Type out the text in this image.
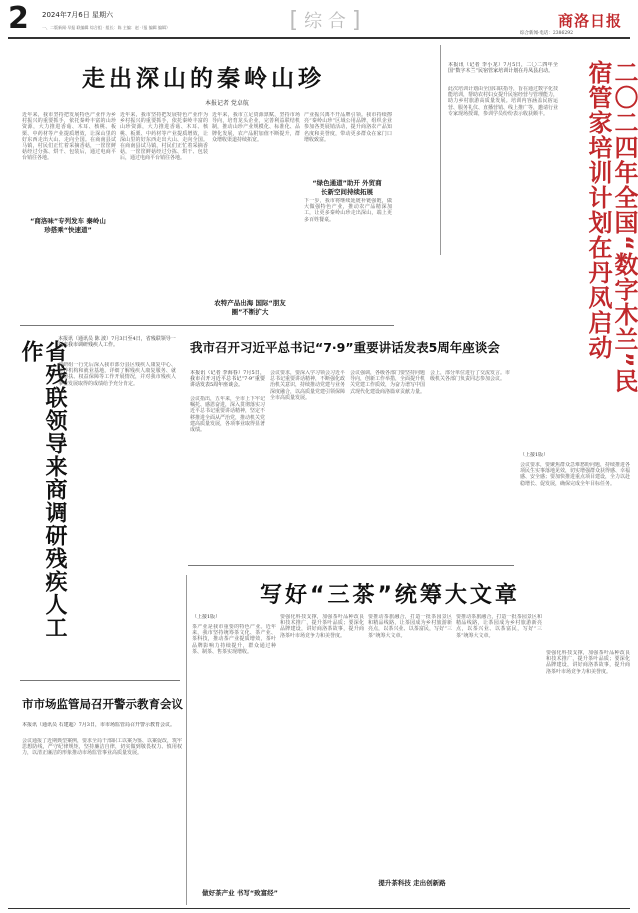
2 2024年7月6日 星期六
一、二版新闻·早报 联编辑 综合组 · 组长：陈 主编：赵 ·（报 编辑 编辑）	[ 综 合 ]	商洛日报
综合新闻·电话：2386292
走出深山的秦岭山珍
本报记者 党卓航
近年来，我市坚持把发展特色产业作为乡村振兴的重要抓手，依托秦岭丰富的山珍资源，大力推进香菇、木耳、核桃、板栗、中药材等产业提质增效，让深山里的好东西走出大山、走向全国。在商南县试马镇，村民们正忙着采摘香菇，一筐筐鲜菇经过分拣、烘干、包装后，通过电商平台销往各地。
近年来，我市立足资源禀赋，坚持市场导向，培育龙头企业，完善利益联结机制，推动山珍产业规模化、标准化、品牌化发展，农产品附加值不断提升，群众增收渠道持续拓宽。
产业振兴离不开品牌引领。我市持续擦亮“秦岭山珍”区域公用品牌，组织企业参加各类展销活动，提升商洛农产品知名度和美誉度，带动更多群众在家门口增收致富。
“绿色通道”助开 外贸商长新空间持续拓展
下一步，我市将继续延链补链强链，做大做强特色产业，推动农产品精深加工，让更多秦岭山珍走出深山，端上更多百姓餐桌。
近年来，我市坚持把发展特色产业作为乡村振兴的重要抓手，依托秦岭丰富的山珍资源，大力推进香菇、木耳、核桃、板栗、中药材等产业提质增效，让深山里的好东西走出大山、走向全国。在商南县试马镇，村民们正忙着采摘香菇，一筐筐鲜菇经过分拣、烘干、包装后，通过电商平台销往各地。
“商洛味”专列发车 秦岭山珍搭乘“快速道”
农特产品出海 国际“朋友圈”不断扩大
本报讯（记者 李小龙）7月5日，二〇二四年全国“数字木兰”民宿管家培训计划在丹凤县启动。
此次培训计划由全国妇联指导，旨在通过数字化技能培训，帮助农村妇女提升民宿经营与管理能力，助力乡村旅游高质量发展。培训内容涵盖民宿运营、服务礼仪、直播营销、线上推广等，邀请行业专家现场授课，参训学员纷纷表示收获颇丰。	二〇二四年全国“数字木兰”民宿管家培训计划在丹凤启动
省残联领导来商调研残疾人工作
本报讯（通讯员 陈 波）7月3日至4日，省残联领导一行来我市调研残疾人工作。
调研组一行先后深入我市部分县区残疾人康复中心、托养机构和就业基地，详细了解残疾人康复服务、就业帮扶、权益保障等工作开展情况，并对我市残疾人事业发展取得的成绩给予充分肯定。
我市召开习近平总书记“7·9”重要讲话发表5周年座谈会
本报讯（记者 李海春）7月5日，我市召开习近平总书记“7·9”重要讲话发表5周年座谈会。
会议指出，五年来，全市上下牢记嘱托、感恩奋进，深入贯彻落实习近平总书记重要讲话精神，坚定不移推进全面从严治党，推动机关党建高质量发展，各项事业取得显著成绩。
会议要求，要深入学习领会习近平总书记重要讲话精神，不断强化政治机关意识，持续推动党建与业务深度融合，以高质量党建引领保障全市高质量发展。
会议强调，各级各部门要坚持问题导向，创新工作举措，全面提升机关党建工作质效，为奋力谱写中国式现代化建设商洛篇章贡献力量。
会上，部分单位进行了交流发言。市级机关各部门负责同志参加会议。
（上接1版）
会议要求，要聚焦群众急难愁盼问题，持续推进各项民生实事落地见效，切实增强群众获得感、幸福感、安全感；要加快推进重点项目建设，全力以赴稳增长、促发展，确保完成全年目标任务。
市市场监管局召开警示教育会议
本报讯（通讯员 石建超）7月3日，市市场监管局召开警示教育会议。
会议通报了近期典型案例，要求全局干部职工以案为鉴、以案促改，筑牢思想防线，严守纪律规矩，坚持廉洁自律，切实做到敬畏权力、慎用权力，以清正廉洁的形象推动市场监管事业高质量发展。
写好“三茶”统筹大文章
（上接1版）
茶产业是我市重要的特色产业。近年来，我市坚持统筹茶文化、茶产业、茶科技，推动茶产业提质增效，茶叶品牌影响力持续提升，群众通过种茶、制茶、售茶实现增收。
要强化科技支撑，加强茶叶品种改良和技术推广，提升茶叶品质；要深化品牌建设，讲好商洛茶故事，提升商洛茶叶市场竞争力和美誉度。
要推动茶旅融合，打造一批茶园景区和精品线路，让茶园成为乡村旅游新亮点，以茶兴业、以茶富民，写好“三茶”统筹大文章。
做好茶产业 书写“致富经”
提升茶科技 走出创新路
要推动茶旅融合，打造一批茶园景区和精品线路，让茶园成为乡村旅游新亮点，以茶兴业、以茶富民，写好“三茶”统筹大文章。
要强化科技支撑，加强茶叶品种改良和技术推广，提升茶叶品质；要深化品牌建设，讲好商洛茶故事，提升商洛茶叶市场竞争力和美誉度。
